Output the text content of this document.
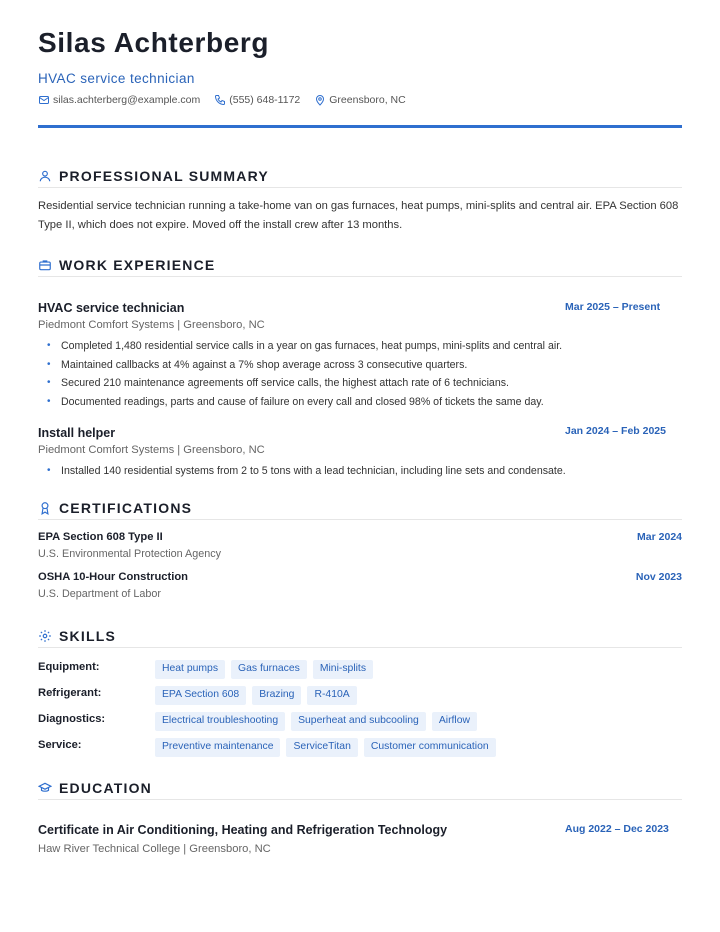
Silas Achterberg
HVAC service technician
silas.achterberg@example.com	(555) 648-1172	Greensboro, NC
PROFESSIONAL SUMMARY
Residential service technician running a take-home van on gas furnaces, heat pumps, mini-splits and central air. EPA Section 608 Type II, which does not expire. Moved off the install crew after 13 months.
WORK EXPERIENCE
HVAC service technician	Mar 2025 – Present
Piedmont Comfort Systems | Greensboro, NC
• Completed 1,480 residential service calls in a year on gas furnaces, heat pumps, mini-splits and central air.
• Maintained callbacks at 4% against a 7% shop average across 3 consecutive quarters.
• Secured 210 maintenance agreements off service calls, the highest attach rate of 6 technicians.
• Documented readings, parts and cause of failure on every call and closed 98% of tickets the same day.
Install helper	Jan 2024 – Feb 2025
Piedmont Comfort Systems | Greensboro, NC
• Installed 140 residential systems from 2 to 5 tons with a lead technician, including line sets and condensate.
CERTIFICATIONS
EPA Section 608 Type II	Mar 2024
U.S. Environmental Protection Agency
OSHA 10-Hour Construction	Nov 2023
U.S. Department of Labor
SKILLS
Equipment:	Heat pumps	Gas furnaces	Mini-splits
Refrigerant:	EPA Section 608	Brazing	R-410A
Diagnostics:	Electrical troubleshooting	Superheat and subcooling	Airflow
Service:	Preventive maintenance	ServiceTitan	Customer communication
EDUCATION
Certificate in Air Conditioning, Heating and Refrigeration Technology	Aug 2022 – Dec 2023
Haw River Technical College | Greensboro, NC
